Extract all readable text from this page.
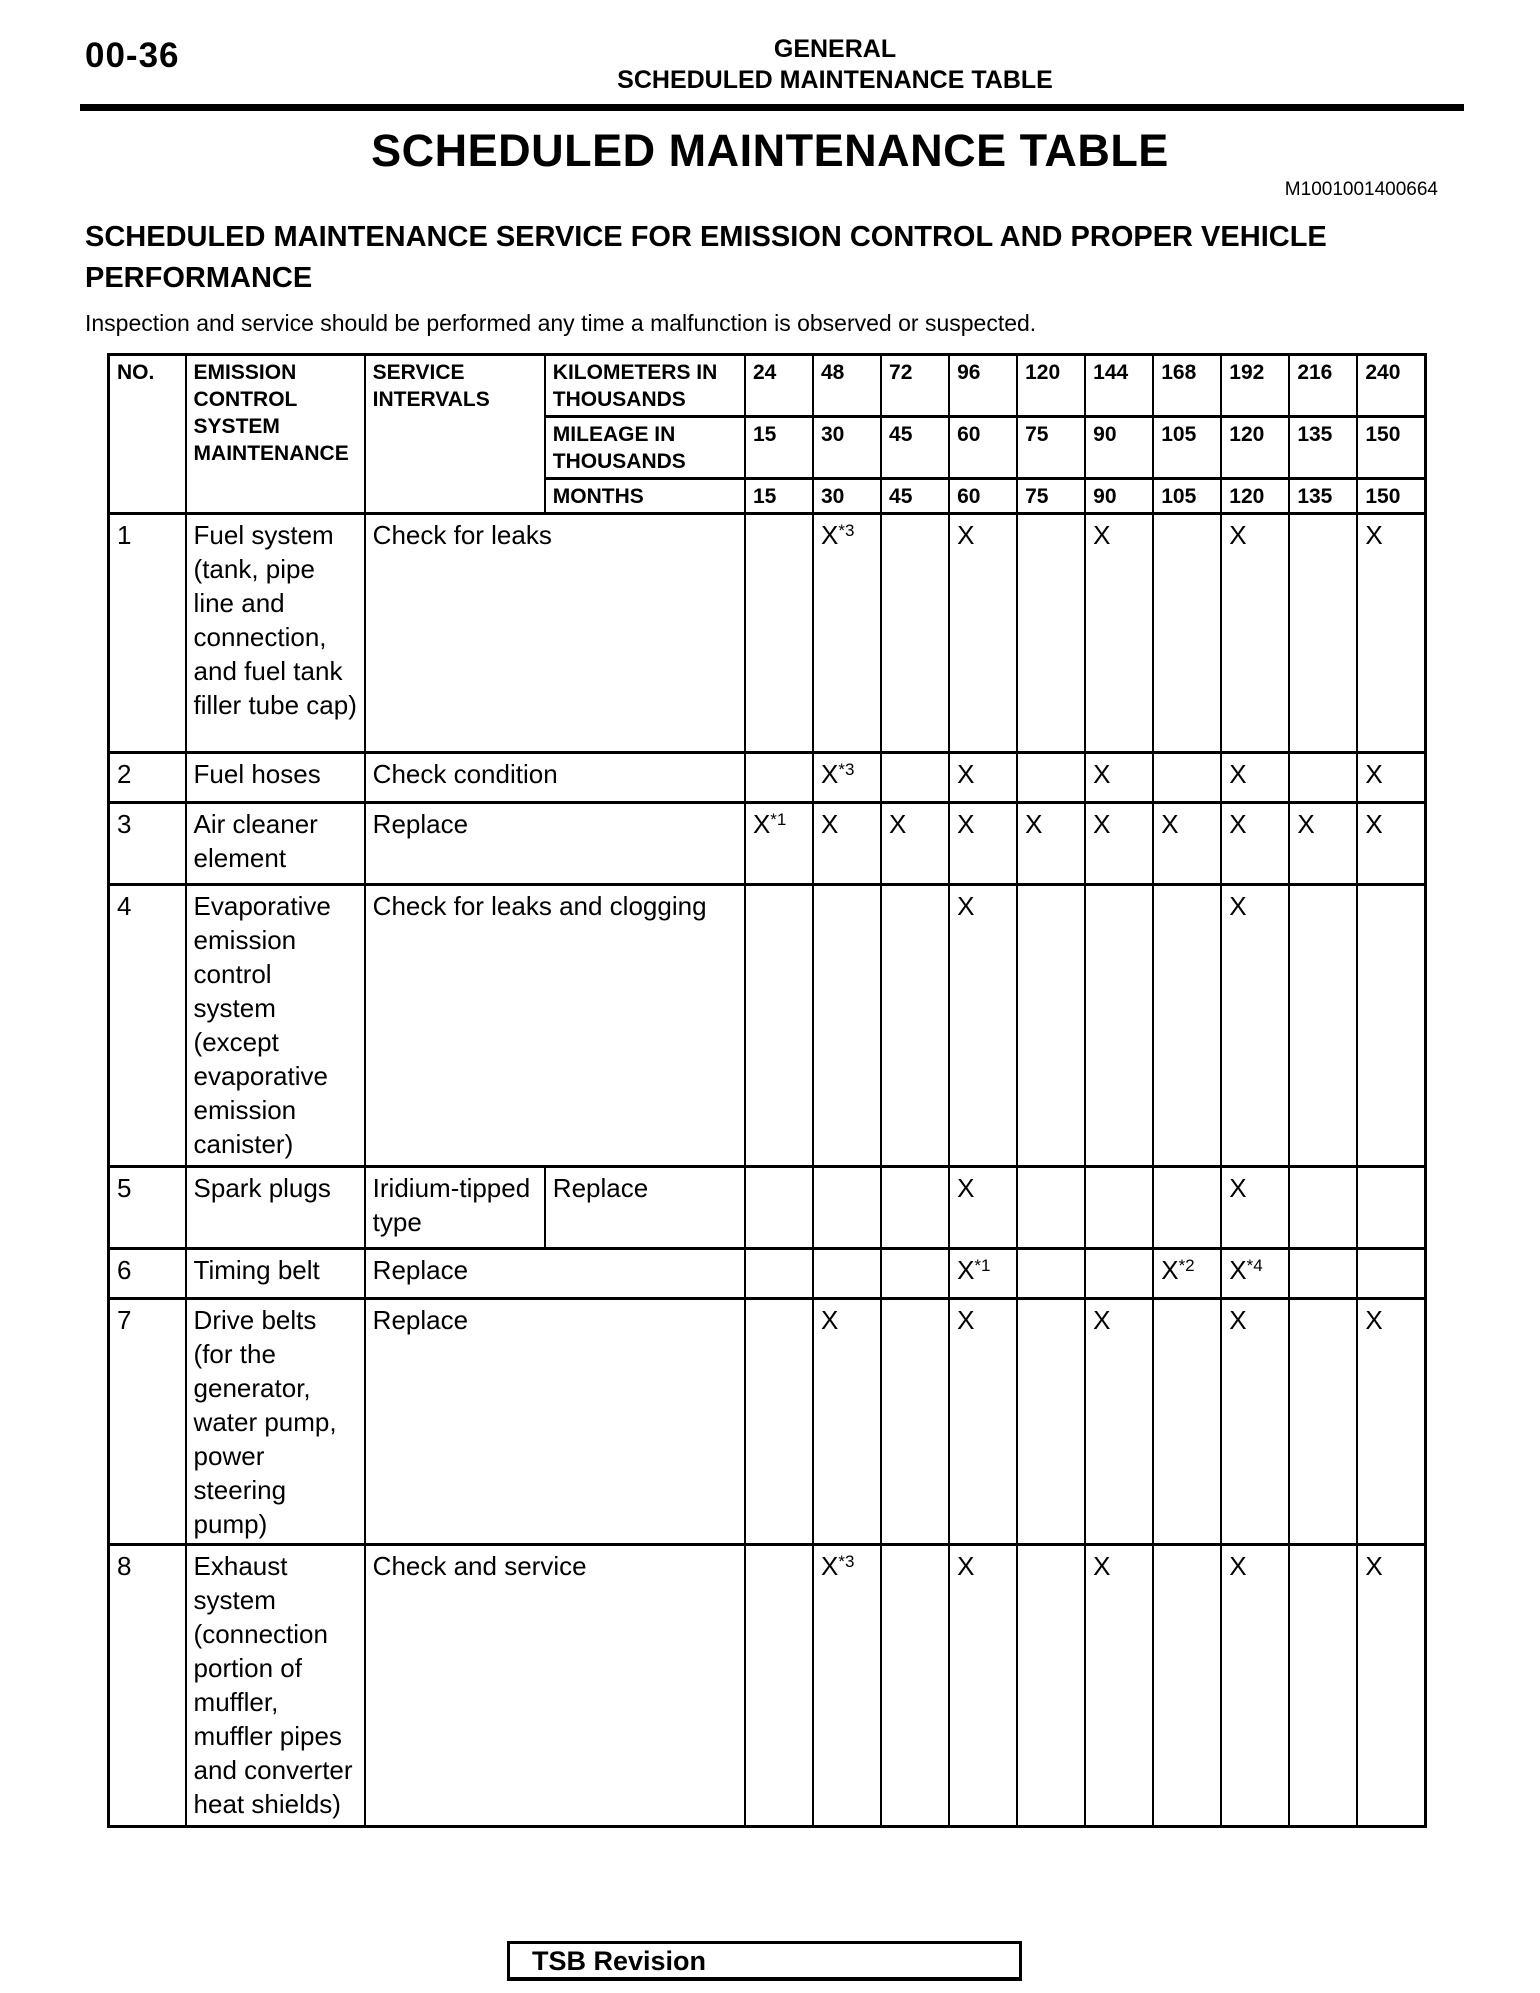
00-36	GENERAL
SCHEDULED MAINTENANCE TABLE
SCHEDULED MAINTENANCE TABLE
M1001001400664
SCHEDULED MAINTENANCE SERVICE FOR EMISSION CONTROL AND PROPER VEHICLE PERFORMANCE
Inspection and service should be performed any time a malfunction is observed or suspected.
NO.	EMISSION CONTROL SYSTEM MAINTENANCE	SERVICE INTERVALS	KILOMETERS IN THOUSANDS	24	48	72	96	120	144	168	192	216	240
			MILEAGE IN THOUSANDS	15	30	45	60	75	90	105	120	135	150
			MONTHS	15	30	45	60	75	90	105	120	135	150
1	Fuel system (tank, pipe line and connection, and fuel tank filler tube cap)	Check for leaks			$X^{*3}$		X		X		X		X
2	Fuel hoses	Check condition			$X^{*3}$		X		X		X		X
3	Air cleaner element	Replace		$X^{*1}$	X	X	X	X	X	X	X	X	X
4	Evaporative emission control system (except evaporative emission canister)	Check for leaks and clogging					X				X		
5	Spark plugs	Iridium-tipped type	Replace				X				X		
6	Timing belt	Replace					$X^{*1}$			$X^{*2}$	$X^{*4}$		
7	Drive belts (for the generator, water pump, power steering pump)	Replace			X		X		X		X		X
8	Exhaust system (connection portion of muffler, muffler pipes and converter heat shields)	Check and service			$X^{*3}$		X		X		X		X
TSB Revision
